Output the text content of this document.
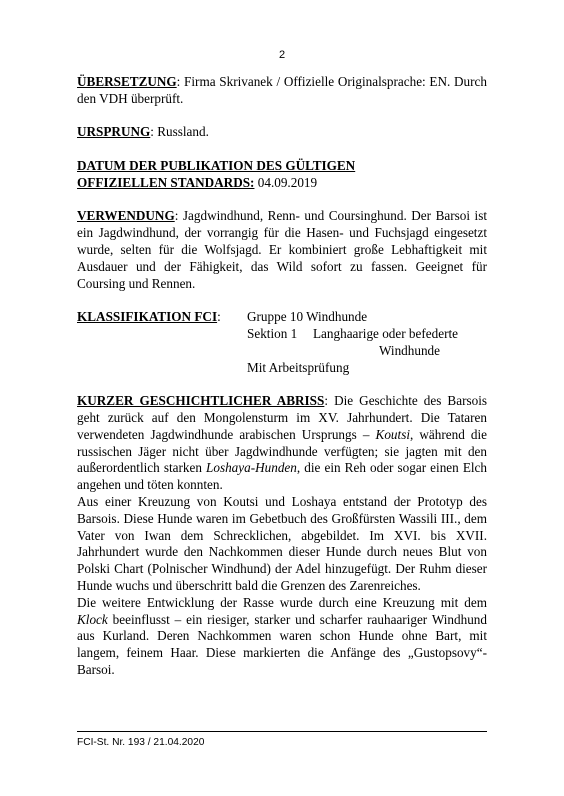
2

ÜBERSETZUNG: Firma Skrivanek / Offizielle Originalsprache: EN. Durch den VDH überprüft.

URSPRUNG: Russland.

DATUM DER PUBLIKATION DES GÜLTIGEN
OFFIZIELLEN STANDARDS: 04.09.2019

VERWENDUNG: Jagdwindhund, Renn- und Coursinghund. Der Barsoi ist ein Jagdwindhund, der vorrangig für die Hasen- und Fuchsjagd eingesetzt wurde, selten für die Wolfsjagd. Er kombiniert große Lebhaftigkeit mit Ausdauer und der Fähigkeit, das Wild sofort zu fassen. Geeignet für Coursing und Rennen.

KLASSIFIKATION FCI:	Gruppe 10 Windhunde
Sektion 1	Langhaarige oder befederte
Windhunde
Mit Arbeitsprüfung

KURZER GESCHICHTLICHER ABRISS: Die Geschichte des Barsois geht zurück auf den Mongolensturm im XV. Jahrhundert. Die Tataren verwendeten Jagdwindhunde arabischen Ursprungs – Koutsi, während die russischen Jäger nicht über Jagdwindhunde verfügten; sie jagten mit den außerordentlich starken Loshaya-Hunden, die ein Reh oder sogar einen Elch angehen und töten konnten.

Aus einer Kreuzung von Koutsi und Loshaya entstand der Prototyp des Barsois. Diese Hunde waren im Gebetbuch des Großfürsten Wassili III., dem Vater von Iwan dem Schrecklichen, abgebildet. Im XVI. bis XVII. Jahrhundert wurde den Nachkommen dieser Hunde durch neues Blut von Polski Chart (Polnischer Windhund) der Adel hinzugefügt. Der Ruhm dieser Hunde wuchs und überschritt bald die Grenzen des Zarenreiches.

Die weitere Entwicklung der Rasse wurde durch eine Kreuzung mit dem Klock beeinflusst – ein riesiger, starker und scharfer rauhaariger Windhund aus Kurland. Deren Nachkommen waren schon Hunde ohne Bart, mit langem, feinem Haar. Diese markierten die Anfänge des „Gustopsovy“-Barsoi.

FCI-St. Nr. 193 / 21.04.2020
